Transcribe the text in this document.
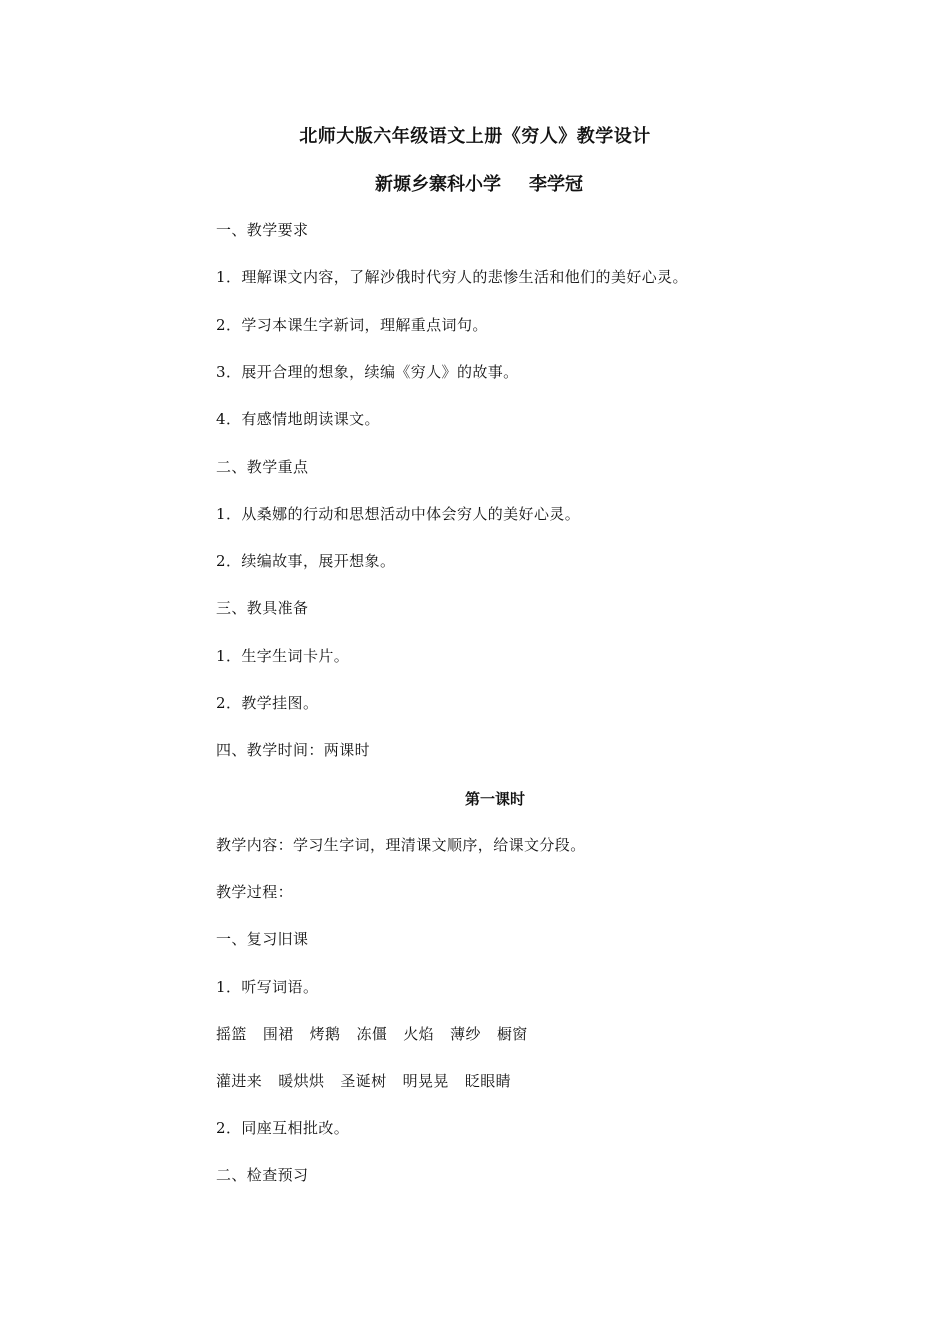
北师大版六年级语文上册《穷人》教学设计
新塬乡寨科小学 李学冠
一、教学要求
1．理解课文内容，了解沙俄时代穷人的悲惨生活和他们的美好心灵。
2．学习本课生字新词，理解重点词句。
3．展开合理的想象，续编《穷人》的故事。
4．有感情地朗读课文。
二、教学重点
1．从桑娜的行动和思想活动中体会穷人的美好心灵。
2．续编故事，展开想象。
三、教具准备
1．生字生词卡片。
2．教学挂图。
四、教学时间：两课时
第一课时
教学内容：学习生字词，理清课文顺序，给课文分段。
教学过程：
一、复习旧课
1．听写词语。
摇篮 围裙 烤鹅 冻僵 火焰 薄纱 橱窗
灌进来 暖烘烘 圣诞树 明晃晃 眨眼睛
2．同座互相批改。
二、检查预习
